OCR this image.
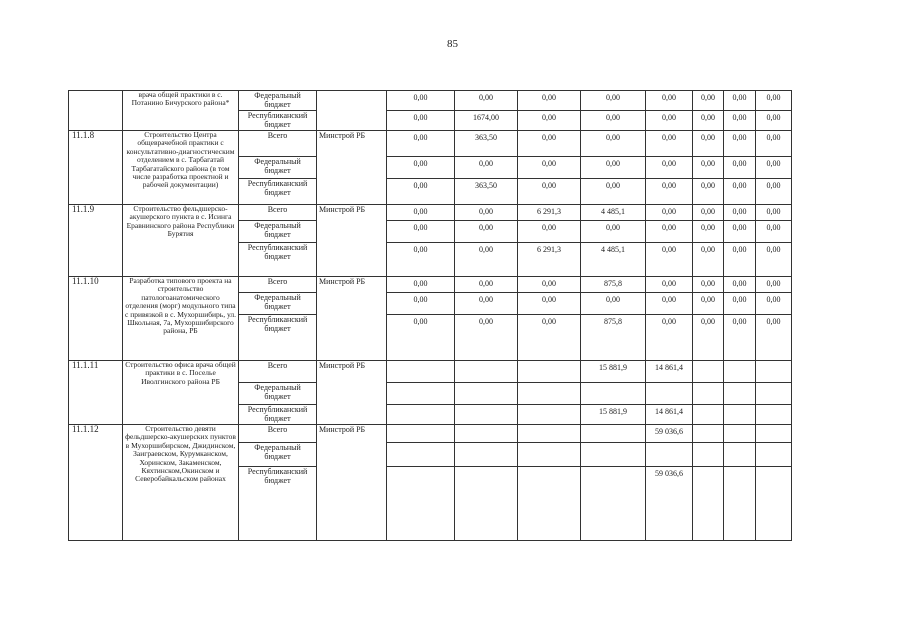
85
	врача общей практики в с. Потанино Бичурского района*	Федеральный бюджет		0,00	0,00	0,00	0,00	0,00	0,00	0,00	0,00
		Республиканский бюджет		0,00	1674,00	0,00	0,00	0,00	0,00	0,00	0,00
11.1.8	Строительство Центра общеврачебной практики с консультативно-диагностическим отделением в с. Тарбагатай Тарбагатайского района (в том числе разработка проектной и рабочей документации)	Всего	Минстрой РБ	0,00	363,50	0,00	0,00	0,00	0,00	0,00	0,00
		Федеральный бюджет		0,00	0,00	0,00	0,00	0,00	0,00	0,00	0,00
		Республиканский бюджет		0,00	363,50	0,00	0,00	0,00	0,00	0,00	0,00
11.1.9	Строительство фельдшерско-акушерского пункта в с. Исинга Еравнинского района Республики Бурятия	Всего	Минстрой РБ	0,00	0,00	6 291,3	4 485,1	0,00	0,00	0,00	0,00
		Федеральный бюджет		0,00	0,00	0,00	0,00	0,00	0,00	0,00	0,00
		Республиканский бюджет		0,00	0,00	6 291,3	4 485,1	0,00	0,00	0,00	0,00
11.1.10	Разработка типового проекта на строительство патологоанатомического отделения (морг) модульного типа с привязкой в с. Мухоршибирь, ул. Школьная, 7а, Мухоршибирского района, РБ	Всего	Минстрой РБ	0,00	0,00	0,00	875,8	0,00	0,00	0,00	0,00
		Федеральный бюджет		0,00	0,00	0,00	0,00	0,00	0,00	0,00	0,00
		Республиканский бюджет		0,00	0,00	0,00	875,8	0,00	0,00	0,00	0,00
11.1.11	Строительство офиса врача общей практики в с. Поселье Иволгинского района РБ	Всего	Минстрой РБ				15 881,9	14 861,4			
		Федеральный бюджет									
		Республиканский бюджет					15 881,9	14 861,4			
11.1.12	Строительство девяти фельдшерско-акушерских пунктов в Мухоршибирском, Джидинском, Заиграевском, Курумканском, Хоринском, Закаменском, Кяхтинском,Окинском и Северобайкальском районах	Всего	Минстрой РБ					59 036,6			
		Федеральный бюджет									
		Республиканский бюджет						59 036,6			
